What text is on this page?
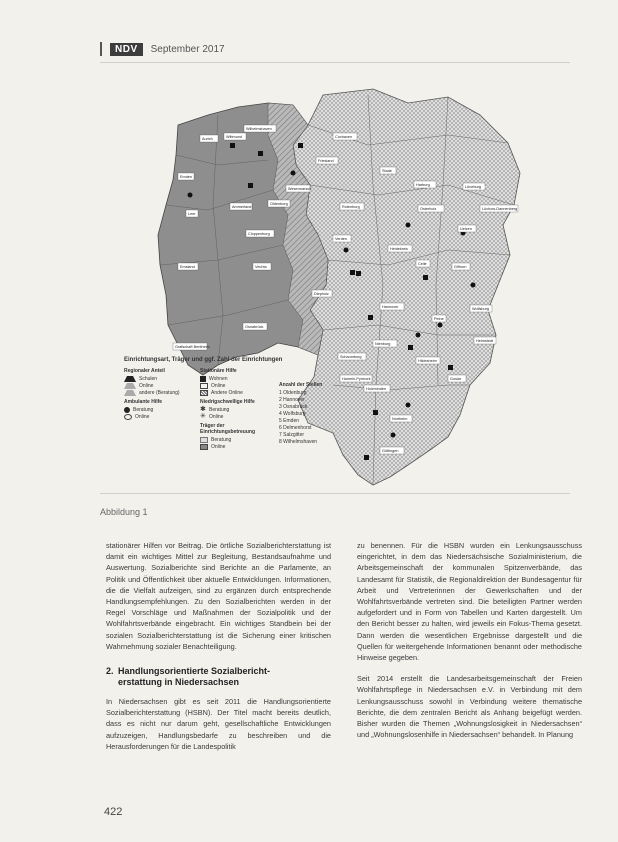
NDV	September 2017
Wilhelmshaven
Aurich	Wittmund
Friesland
Emden
Leer
Cuxhaven
Stade
Harburg
Osterholz
Rotenburg
Verden
Diepholz
Nienburg
Vechta
Cloppenburg
Emsland
Osnabrück
Lüneburg
Uelzen
Lüchow-Dannenberg
Celle
Gifhorn
Hannover
Hildesheim
Goslar
Göttingen
Holzminden
Northeim
Wolfsburg
Helmstedt
Peine
Hameln-Pyrmont
Schaumburg
Heidekreis
Grafschaft Bentheim
Ammerland
Oldenburg
Wesermarsch
Einrichtungsart, Träger und ggf. Zahl der Einrichtungen
Regionaler Anteil
Schulen
Online
andere (Beratung)
Ambulante Hilfe
Beratung
Online
Stationäre Hilfe
Wohnen
Online
Andere Online
Niedrigschwellige Hilfe
✱ Beratung
✳ Online
Träger der Einrichtungsbetreuung
Beratung
Online
Anzahl der Stellen
1 Oldenburg
2 Hannover
3 Osnabrück
4 Wolfsburg
5 Emden
6 Delmenhorst
7 Salzgitter
8 Wilhelmshaven
Abbildung 1

stationärer Hilfen vor Beitrag. Die örtliche Sozialberichterstattung ist damit ein wichtiges Mittel zur Begleitung, Bestandsaufnahme und Auswertung. Sozialberichte sind Berichte an die Parlamente, an Politik und Öffentlichkeit über aktuelle Entwicklungen. Informationen, die die Vielfalt aufzeigen, sind zu ergänzen durch entsprechende Handlungsempfehlungen. Zu den Sozialberichten werden in der Regel Vorschläge und Maßnahmen der Sozialpolitik und der Wohlfahrtsverbände eingebracht. Ein wichtiges Standbein bei der sozialen Sozialberichterstattung ist die Sicherung einer kritischen Wahrnehmung sozialer Benachteiligung.

2. Handlungsorientierte Sozialbericht-
erstattung in Niedersachsen

In Niedersachsen gibt es seit 2011 die Handlungsorientierte Sozialberichterstattung (HSBN). Der Titel macht bereits deutlich, dass es nicht nur darum geht, gesellschaftliche Entwicklungen aufzuzeigen, Handlungsbedarfe zu beschreiben und die Herausforderungen für die Landespolitik

zu benennen. Für die HSBN wurden ein Lenkungsausschuss eingerichtet, in dem das Niedersächsische Sozialministerium, die Arbeitsgemeinschaft der kommunalen Spitzenverbände, das Landesamt für Statistik, die Regionaldirektion der Bundesagentur für Arbeit und Vertreterinnen der Gewerkschaften und der Wohlfahrtsverbände vertreten sind. Die beteiligten Partner werden aufgefordert und in Form von Tabellen und Karten dargestellt. Um den Bericht besser zu halten, wird jeweils ein Fokus-Thema gesetzt. Dann werden die wesentlichen Ergebnisse dargestellt und die Quellen für weitergehende Informationen benannt oder methodische Hinweise gegeben.

Seit 2014 erstellt die Landesarbeitsgemeinschaft der Freien Wohlfahrtspflege in Niedersachsen e.V. in Verbindung mit dem Lenkungsausschuss sowohl in Verbindung weitere thematische Berichte, die dem zentralen Bericht als Anhang beigefügt werden. Bisher wurden die Themen „Wohnungslosigkeit in Niedersachsen“ und „Wohnungslosenhilfe in Niedersachsen“ behandelt. In Planung

422
